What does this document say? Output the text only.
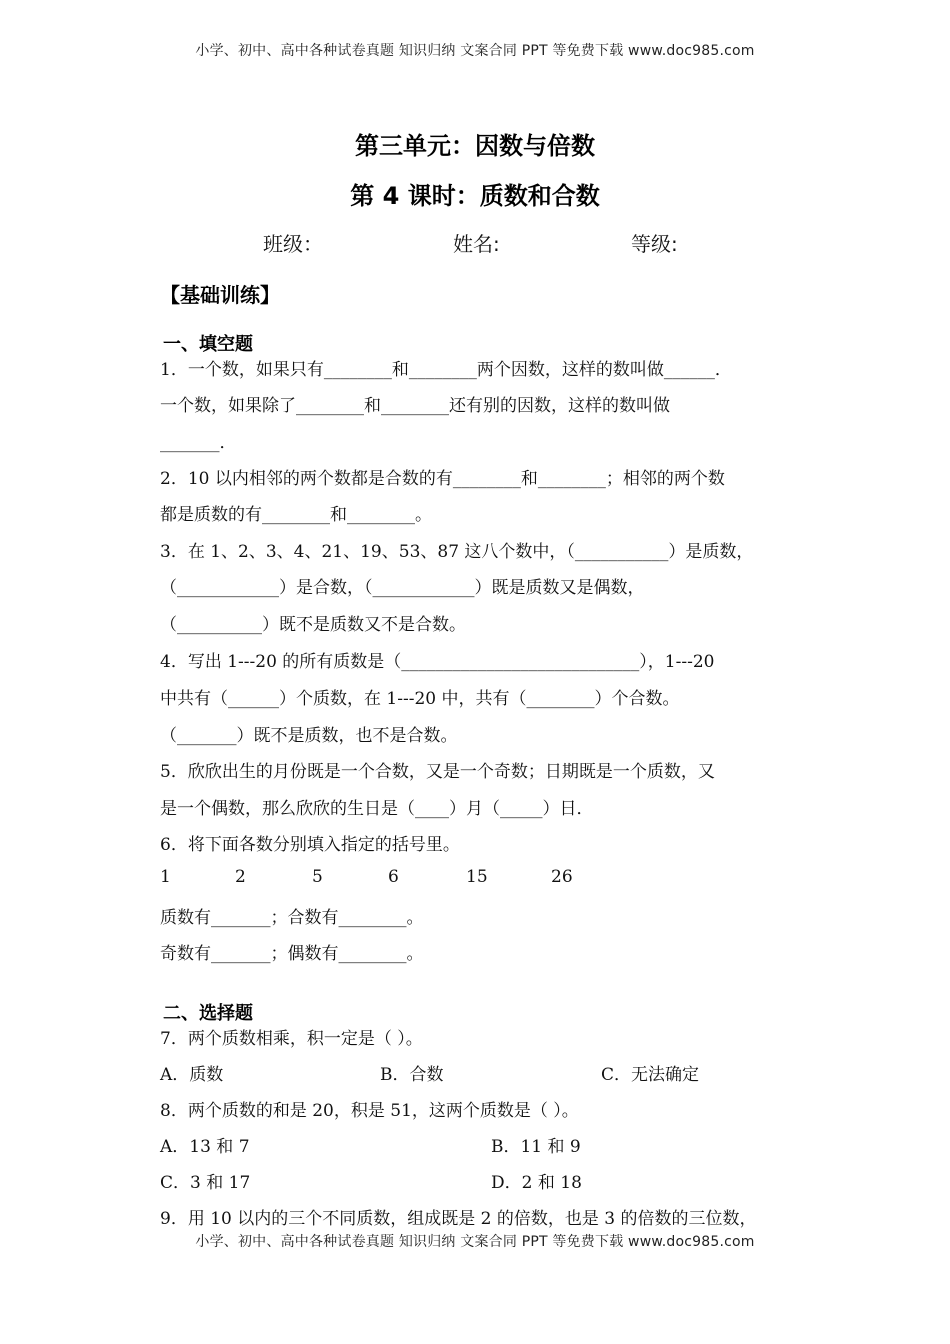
小学、初中、高中各种试卷真题 知识归纳 文案合同 PPT 等免费下载 www.doc985.com
第三单元：因数与倍数
第 4 课时：质数和合数
班级：	姓名:	等级:
【基础训练】
一、填空题
1．一个数，如果只有________和________两个因数，这样的数叫做______．
一个数，如果除了________和________还有别的因数，这样的数叫做
_______．
2．10 以内相邻的两个数都是合数的有________和________；相邻的两个数
都是质数的有________和________。
3．在 1、2、3、4、21、19、53、87 这八个数中，（___________）是质数，
（____________）是合数，（____________）既是质数又是偶数，
（__________）既不是质数又不是合数。
4．写出 1---20 的所有质数是（____________________________），1---20
中共有（______）个质数，在 1---20 中，共有（________）个合数。
（_______）既不是质数，也不是合数。
5．欣欣出生的月份既是一个合数，又是一个奇数；日期既是一个质数，又
是一个偶数，那么欣欣的生日是（____）月（_____）日．
6．将下面各数分别填入指定的括号里。
1	2	5	6	15	26
质数有_______；合数有________。
奇数有_______；偶数有________。
二、选择题
7．两个质数相乘，积一定是（ ）。
A．质数	B．合数	C．无法确定
8．两个质数的和是 20，积是 51，这两个质数是（ ）。
A．13 和 7	B．11 和 9
C．3 和 17	D．2 和 18
9．用 10 以内的三个不同质数，组成既是 2 的倍数，也是 3 的倍数的三位数，
小学、初中、高中各种试卷真题 知识归纳 文案合同 PPT 等免费下载 www.doc985.com
